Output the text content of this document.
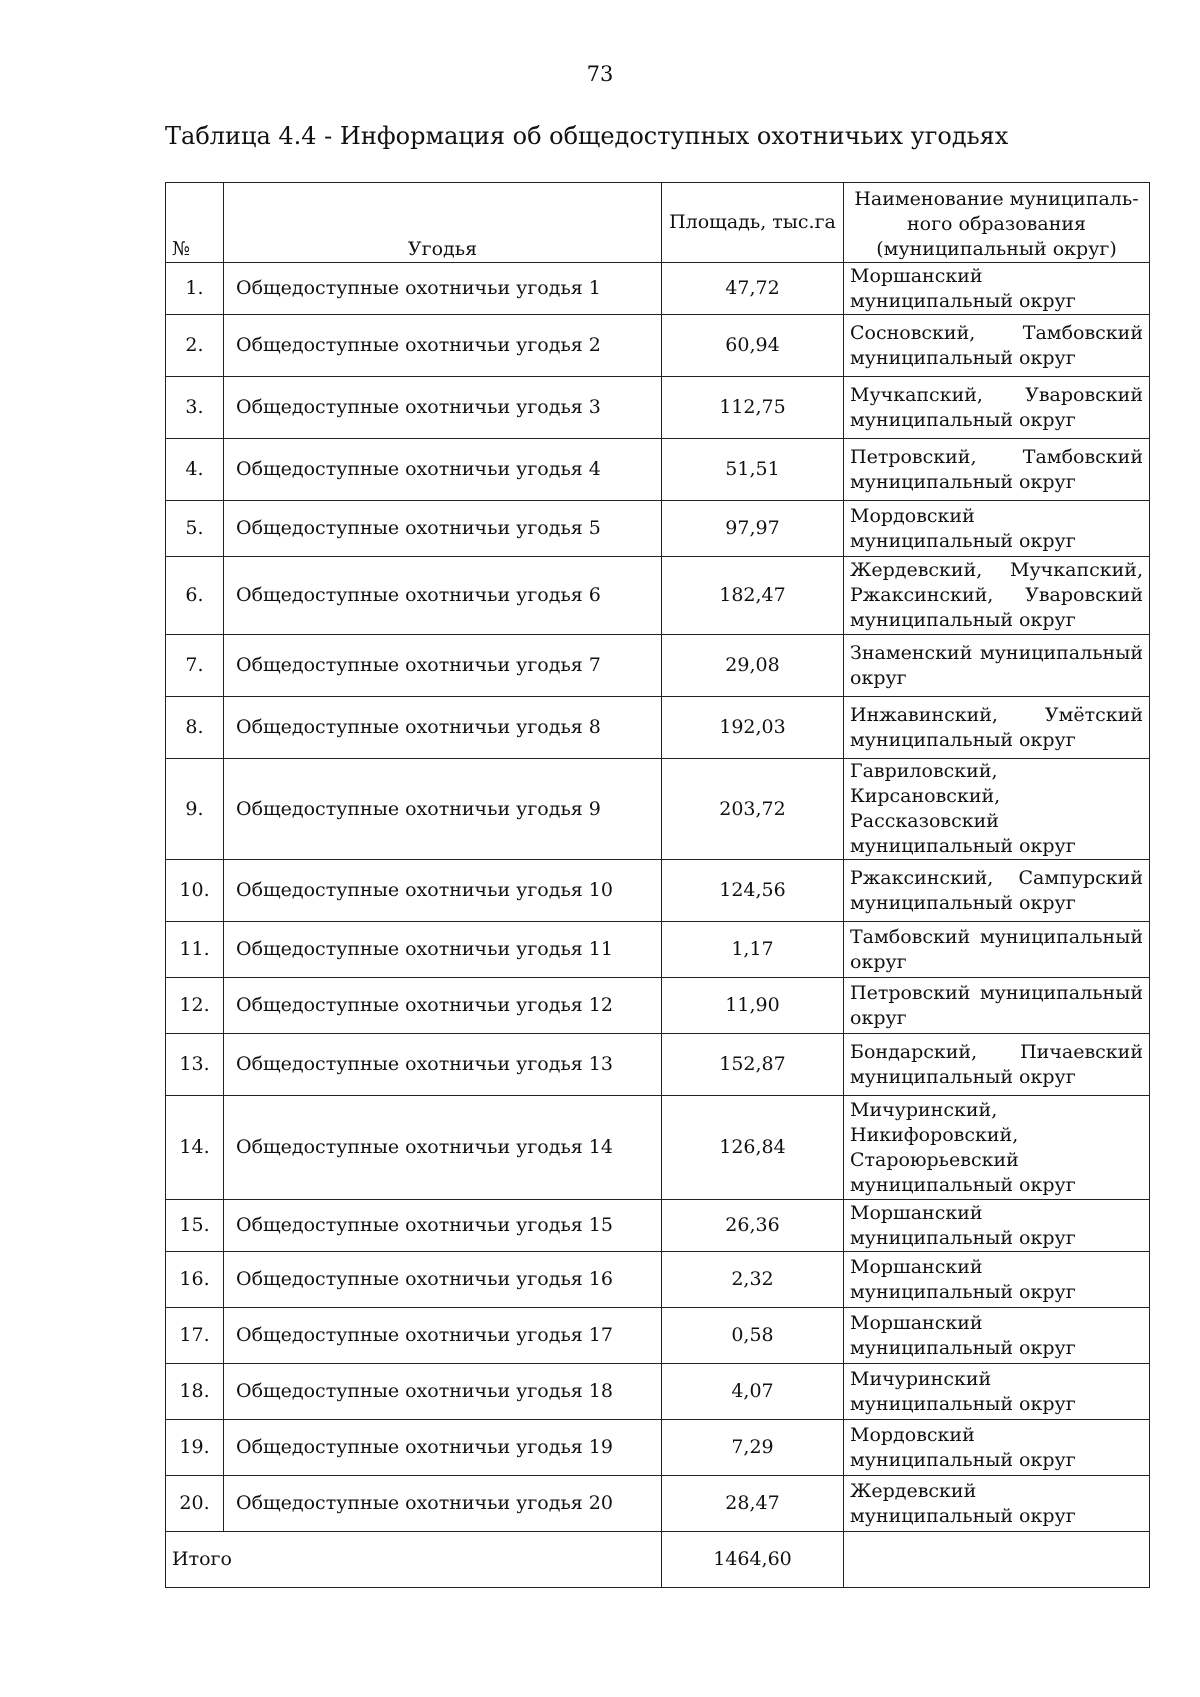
73
Таблица 4.4 - Информация об общедоступных охотничьих угодьях
№	Угодья	Площадь, тыс.га	Наименование муниципаль-ного образования (муниципальный округ)
1.	Общедоступные охотничьи угодья 1	47,72	Моршанский муниципальный округ

2.	Общедоступные охотничьи угодья 2	60,94	Сосновский, Тамбовский муниципальный округ

3.	Общедоступные охотничьи угодья 3	112,75	Мучкапский, Уваровский муниципальный округ

4.	Общедоступные охотничьи угодья 4	51,51	Петровский, Тамбовский муниципальный округ

5.	Общедоступные охотничьи угодья 5	97,97	Мордовский муниципальный округ

6.	Общедоступные охотничьи угодья 6	182,47	Жердевский, Мучкапский, Ржаксинский, Уваровский муниципальный округ

7.	Общедоступные охотничьи угодья 7	29,08	Знаменский муниципальный округ

8.	Общедоступные охотничьи угодья 8	192,03	Инжавинский, Умётский муниципальный округ

9.	Общедоступные охотничьи угодья 9	203,72	Гавриловский, Кирсановский, Рассказовский муниципальный округ

10.	Общедоступные охотничьи угодья 10	124,56	Ржаксинский, Сампурский муниципальный округ

11.	Общедоступные охотничьи угодья 11	1,17	Тамбовский муниципальный округ

12.	Общедоступные охотничьи угодья 12	11,90	Петровский муниципальный округ

13.	Общедоступные охотничьи угодья 13	152,87	Бондарский, Пичаевский муниципальный округ

14.	Общедоступные охотничьи угодья 14	126,84	Мичуринский, Никифоровский, Староюрьевский муниципальный округ

15.	Общедоступные охотничьи угодья 15	26,36	Моршанский муниципальный округ

16.	Общедоступные охотничьи угодья 16	2,32	Моршанский муниципальный округ

17.	Общедоступные охотничьи угодья 17	0,58	Моршанский муниципальный округ

18.	Общедоступные охотничьи угодья 18	4,07	Мичуринский муниципальный округ

19.	Общедоступные охотничьи угодья 19	7,29	Мордовский муниципальный округ

20.	Общедоступные охотничьи угодья 20	28,47	Жердевский муниципальный округ

Итого		1464,60	
